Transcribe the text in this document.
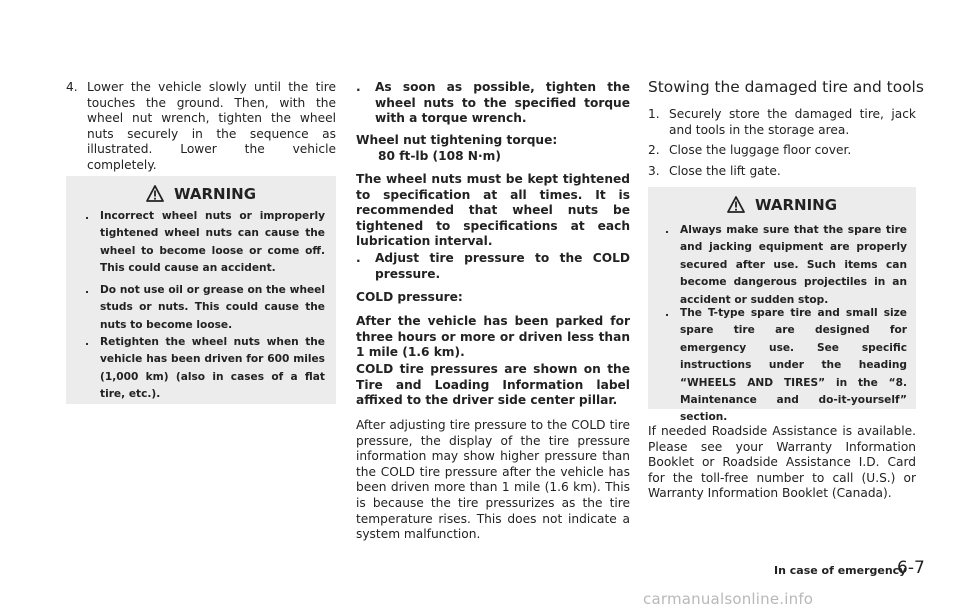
4. Lower the vehicle slowly until the tire touches the ground. Then, with the wheel nut wrench, tighten the wheel nuts securely in the sequence as illustrated. Lower the vehicle completely.
WARNING
. Incorrect wheel nuts or improperly tightened wheel nuts can cause the wheel to become loose or come off. This could cause an accident.
. Do not use oil or grease on the wheel studs or nuts. This could cause the nuts to become loose.
. Retighten the wheel nuts when the vehicle has been driven for 600 miles (1,000 km) (also in cases of a flat tire, etc.).
. As soon as possible, tighten the wheel nuts to the specified torque with a torque wrench.
Wheel nut tightening torque:
80 ft-lb (108 N·m)
The wheel nuts must be kept tightened to specification at all times. It is recommended that wheel nuts be tightened to specifications at each lubrication interval.
. Adjust tire pressure to the COLD pressure.
COLD pressure:
After the vehicle has been parked for three hours or more or driven less than 1 mile (1.6 km).
COLD tire pressures are shown on the Tire and Loading Information label affixed to the driver side center pillar.
After adjusting tire pressure to the COLD tire pressure, the display of the tire pressure information may show higher pressure than the COLD tire pressure after the vehicle has been driven more than 1 mile (1.6 km). This is because the tire pressurizes as the tire temperature rises. This does not indicate a system malfunction.
Stowing the damaged tire and tools
1. Securely store the damaged tire, jack and tools in the storage area.
2. Close the luggage floor cover.
3. Close the lift gate.
WARNING
. Always make sure that the spare tire and jacking equipment are properly secured after use. Such items can become dangerous projectiles in an accident or sudden stop.
. The T-type spare tire and small size spare tire are designed for emergency use. See specific instructions under the heading “WHEELS AND TIRES” in the “8. Maintenance and do-it-yourself” section.
If needed Roadside Assistance is available. Please see your Warranty Information Booklet or Roadside Assistance I.D. Card for the toll-free number to call (U.S.) or Warranty Information Booklet (Canada).
In case of emergency
6-7
carmanualsonline.info
